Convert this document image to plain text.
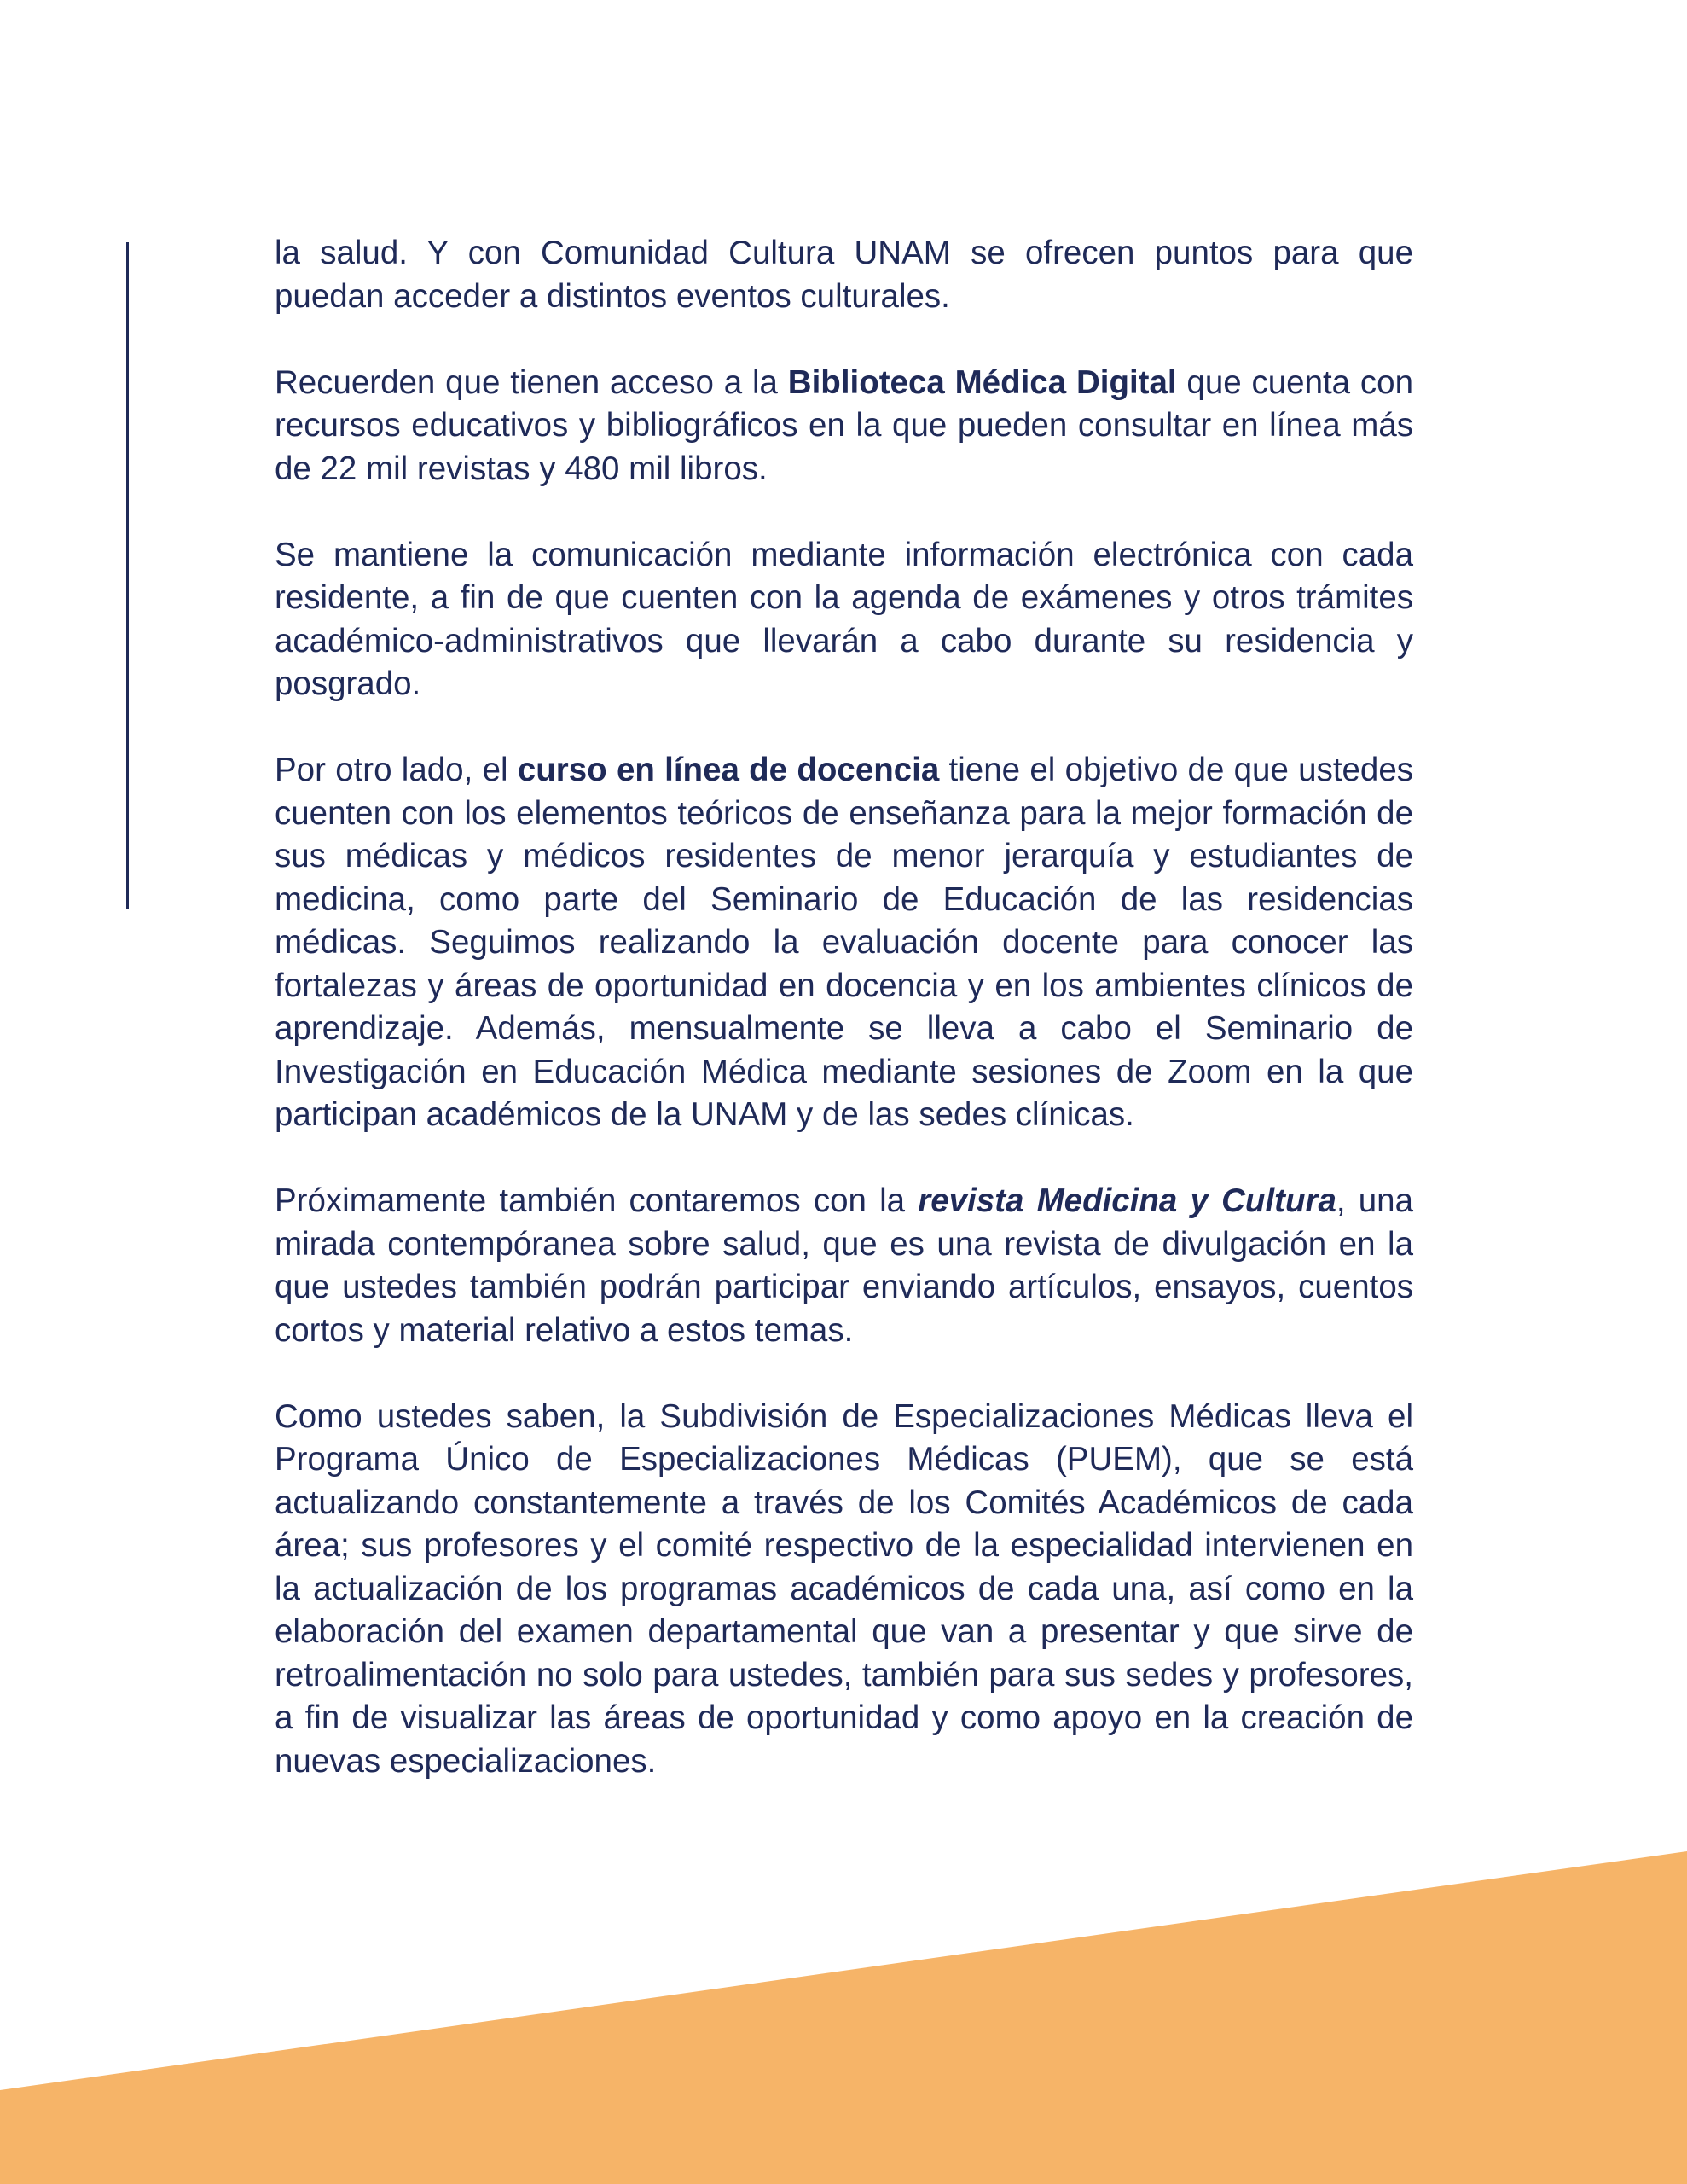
la salud. Y con Comunidad Cultura UNAM se ofrecen puntos para que puedan acceder a distintos eventos culturales.

Recuerden que tienen acceso a la Biblioteca Médica Digital que cuenta con recursos educativos y bibliográficos en la que pueden consultar en línea más de 22 mil revistas y 480 mil libros.

Se mantiene la comunicación mediante información electrónica con cada residente, a fin de que cuenten con la agenda de exámenes y otros trámites académico-administrativos que llevarán a cabo durante su residencia y posgrado.

Por otro lado, el curso en línea de docencia tiene el objetivo de que ustedes cuenten con los elementos teóricos de enseñanza para la mejor formación de sus médicas y médicos residentes de menor jerarquía y estudiantes de medicina, como parte del Seminario de Educación de las residencias médicas. Seguimos realizando la evaluación docente para conocer las fortalezas y áreas de oportunidad en docencia y en los ambientes clínicos de aprendizaje. Además, mensualmente se lleva a cabo el Seminario de Investigación en Educación Médica mediante sesiones de Zoom en la que participan académicos de la UNAM y de las sedes clínicas.

Próximamente también contaremos con la revista Medicina y Cultura, una mirada contempóranea sobre salud, que es una revista de divulgación en la que ustedes también podrán participar enviando artículos, ensayos, cuentos cortos y material relativo a estos temas.

Como ustedes saben, la Subdivisión de Especializaciones Médicas lleva el Programa Único de Especializaciones Médicas (PUEM), que se está actualizando constantemente a través de los Comités Académicos de cada área; sus profesores y el comité respectivo de la especialidad intervienen en la actualización de los programas académicos de cada una, así como en la elaboración del examen departamental que van a presentar y que sirve de retroalimentación no solo para ustedes, también para sus sedes y profesores, a fin de visualizar las áreas de oportunidad y como apoyo en la creación de nuevas especializaciones.
